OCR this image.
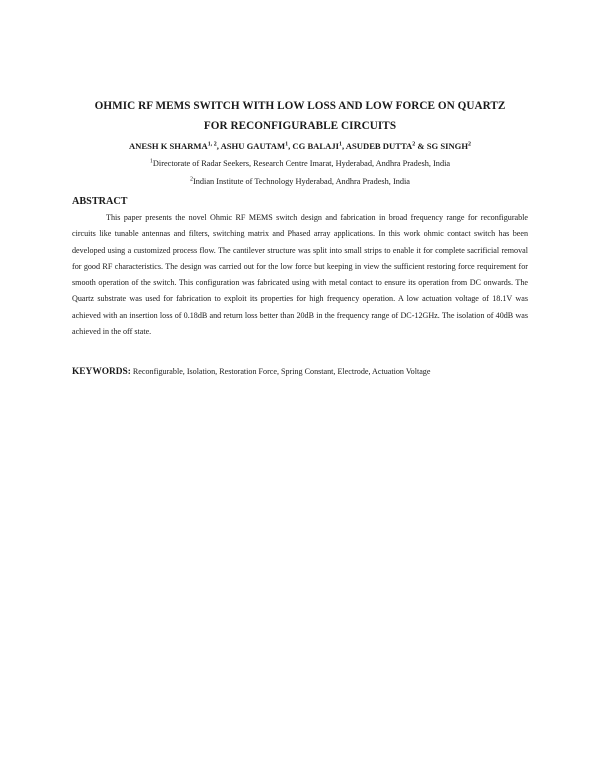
OHMIC RF MEMS SWITCH WITH LOW LOSS AND LOW FORCE ON QUARTZ
FOR RECONFIGURABLE CIRCUITS
ANESH K SHARMA$^{1, 2}$, ASHU GAUTAM$^1$, CG BALAJI$^1$, ASUDEB DUTTA$^2$ & SG SINGH$^2$
$^1$Directorate of Radar Seekers, Research Centre Imarat, Hyderabad, Andhra Pradesh, India
$^2$Indian Institute of Technology Hyderabad, Andhra Pradesh, India
ABSTRACT

This paper presents the novel Ohmic RF MEMS switch design and fabrication in broad frequency range for reconfigurable circuits like tunable antennas and filters, switching matrix and Phased array applications. In this work ohmic contact switch has been developed using a customized process flow. The cantilever structure was split into small strips to enable it for complete sacrificial removal for good RF characteristics. The design was carried out for the low force but keeping in view the sufficient restoring force requirement for smooth operation of the switch. This configuration was fabricated using with metal contact to ensure its operation from DC onwards. The Quartz substrate was used for fabrication to exploit its properties for high frequency operation. A low actuation voltage of 18.1V was achieved with an insertion loss of 0.18dB and return loss better than 20dB in the frequency range of DC-12GHz. The isolation of 40dB was achieved in the off state.

KEYWORDS: Reconfigurable, Isolation, Restoration Force, Spring Constant, Electrode, Actuation Voltage
